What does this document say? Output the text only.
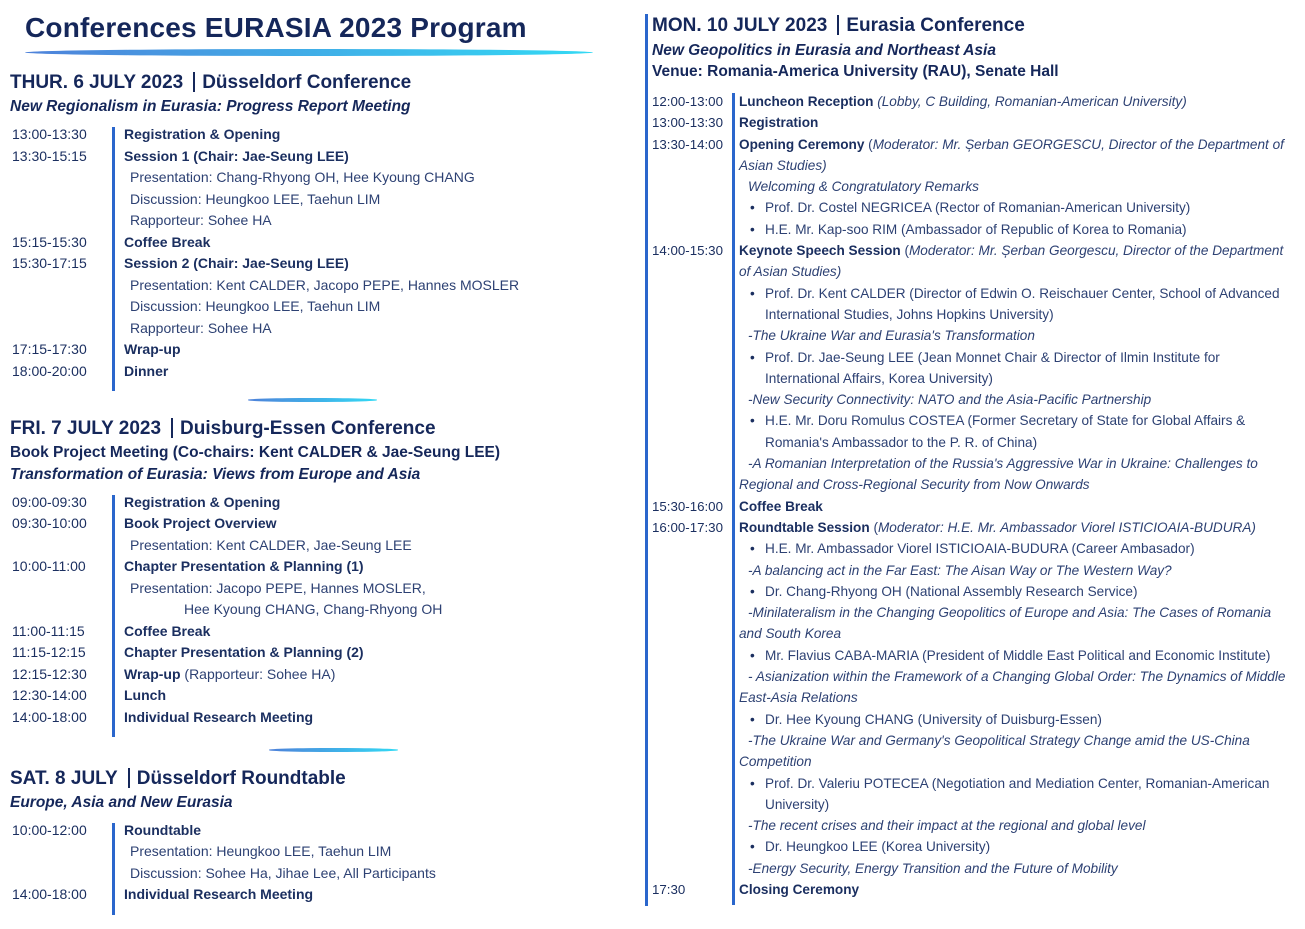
Conferences EURASIA 2023 Program
THUR. 6 JULY 2023 Düsseldorf Conference
New Regionalism in Eurasia: Progress Report Meeting
13:00-13:30	Registration & Opening
13:30-15:15	Session 1 (Chair: Jae-Seung LEE)
Presentation: Chang-Rhyong OH, Hee Kyoung CHANG
Discussion: Heungkoo LEE, Taehun LIM
Rapporteur: Sohee HA
15:15-15:30	Coffee Break
15:30-17:15	Session 2 (Chair: Jae-Seung LEE)
Presentation: Kent CALDER, Jacopo PEPE, Hannes MOSLER
Discussion: Heungkoo LEE, Taehun LIM
Rapporteur: Sohee HA
17:15-17:30	Wrap-up
18:00-20:00	Dinner
FRI. 7 JULY 2023 Duisburg-Essen Conference
Book Project Meeting (Co-chairs: Kent CALDER & Jae-Seung LEE)
Transformation of Eurasia: Views from Europe and Asia
09:00-09:30	Registration & Opening
09:30-10:00	Book Project Overview
Presentation: Kent CALDER, Jae-Seung LEE
10:00-11:00	Chapter Presentation & Planning (1)
Presentation: Jacopo PEPE, Hannes MOSLER,
Hee Kyoung CHANG, Chang-Rhyong OH
11:00-11:15	Coffee Break
11:15-12:15	Chapter Presentation & Planning (2)
12:15-12:30	Wrap-up (Rapporteur: Sohee HA)
12:30-14:00	Lunch
14:00-18:00	Individual Research Meeting
SAT. 8 JULY Düsseldorf Roundtable
Europe, Asia and New Eurasia
10:00-12:00	Roundtable
Presentation: Heungkoo LEE, Taehun LIM
Discussion: Sohee Ha, Jihae Lee, All Participants
14:00-18:00	Individual Research Meeting
MON. 10 JULY 2023 Eurasia Conference
New Geopolitics in Eurasia and Northeast Asia
Venue: Romania-America University (RAU), Senate Hall
12:00-13:00	Luncheon Reception (Lobby, C Building, Romanian-American University)
13:00-13:30	Registration
13:30-14:00	Opening Ceremony (Moderator: Mr. Șerban GEORGESCU, Director of the Department of Asian Studies)
Welcoming & Congratulatory Remarks
• Prof. Dr. Costel NEGRICEA (Rector of Romanian-American University)
• H.E. Mr. Kap-soo RIM (Ambassador of Republic of Korea to Romania)
14:00-15:30	Keynote Speech Session (Moderator: Mr. Șerban Georgescu, Director of the Department of Asian Studies)
• Prof. Dr. Kent CALDER (Director of Edwin O. Reischauer Center, School of Advanced International Studies, Johns Hopkins University)
-The Ukraine War and Eurasia's Transformation
• Prof. Dr. Jae-Seung LEE (Jean Monnet Chair & Director of Ilmin Institute for International Affairs, Korea University)
-New Security Connectivity: NATO and the Asia-Pacific Partnership
• H.E. Mr. Doru Romulus COSTEA (Former Secretary of State for Global Affairs & Romania's Ambassador to the P. R. of China)
-A Romanian Interpretation of the Russia's Aggressive War in Ukraine: Challenges to Regional and Cross-Regional Security from Now Onwards
15:30-16:00	Coffee Break
16:00-17:30	Roundtable Session (Moderator: H.E. Mr. Ambassador Viorel ISTICIOAIA-BUDURA)
• H.E. Mr. Ambassador Viorel ISTICIOAIA-BUDURA (Career Ambasador)
-A balancing act in the Far East: The Aisan Way or The Western Way?
• Dr. Chang-Rhyong OH (National Assembly Research Service)
-Minilateralism in the Changing Geopolitics of Europe and Asia: The Cases of Romania and South Korea
• Mr. Flavius CABA-MARIA (President of Middle East Political and Economic Institute)
- Asianization within the Framework of a Changing Global Order: The Dynamics of Middle East-Asia Relations
• Dr. Hee Kyoung CHANG (University of Duisburg-Essen)
-The Ukraine War and Germany's Geopolitical Strategy Change amid the US-China Competition
• Prof. Dr. Valeriu POTECEA (Negotiation and Mediation Center, Romanian-American University)
-The recent crises and their impact at the regional and global level
• Dr. Heungkoo LEE (Korea University)
-Energy Security, Energy Transition and the Future of Mobility
17:30	Closing Ceremony
